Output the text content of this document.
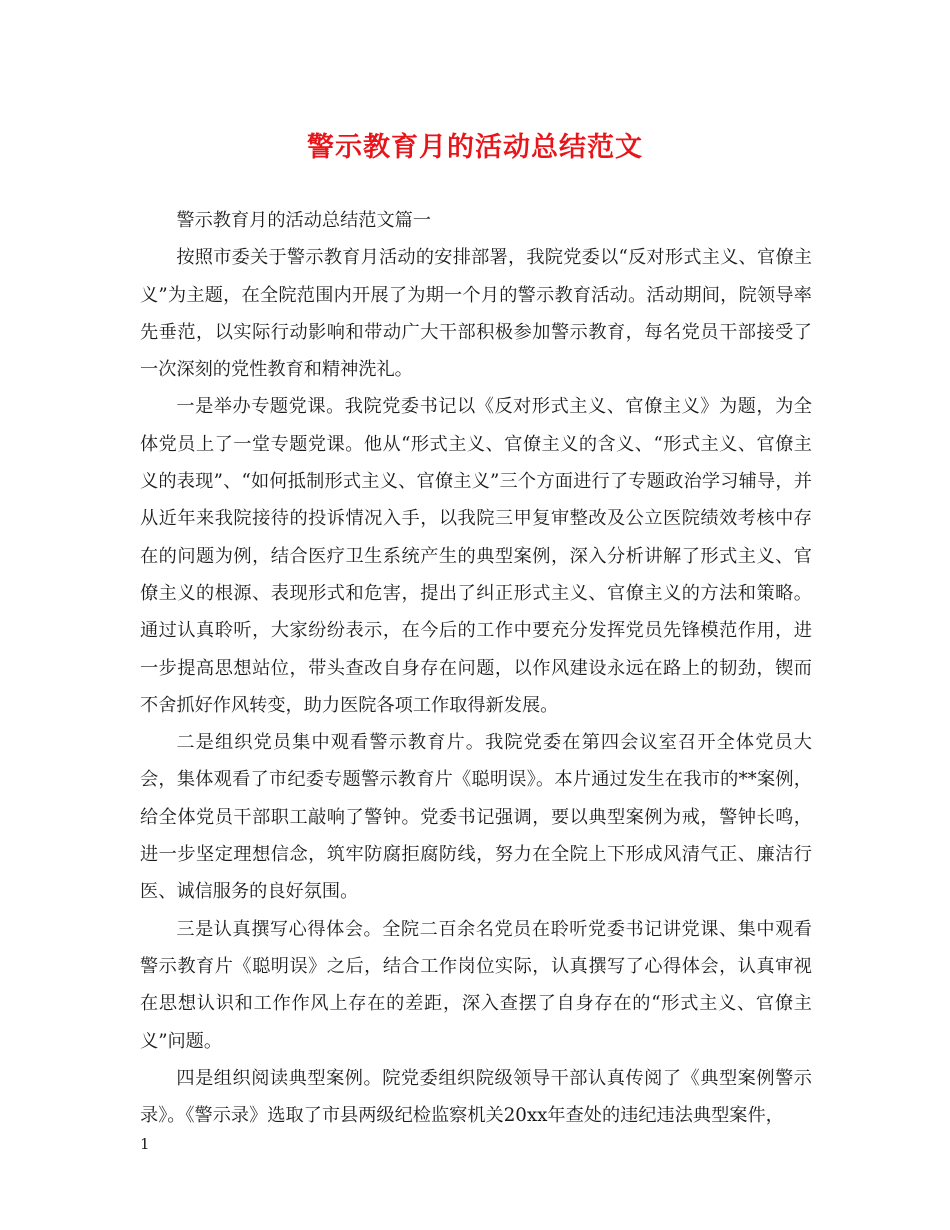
警示教育月的活动总结范文

警示教育月的活动总结范文篇一

按照市委关于警示教育月活动的安排部署，我院党委以“反对形式主义、官僚主义”为主题，在全院范围内开展了为期一个月的警示教育活动。活动期间，院领导率先垂范，以实际行动影响和带动广大干部积极参加警示教育，每名党员干部接受了一次深刻的党性教育和精神洗礼。

一是举办专题党课。我院党委书记以《反对形式主义、官僚主义》为题，为全体党员上了一堂专题党课。他从“形式主义、官僚主义的含义、“形式主义、官僚主义的表现”、“如何抵制形式主义、官僚主义”三个方面进行了专题政治学习辅导，并从近年来我院接待的投诉情况入手，以我院三甲复审整改及公立医院绩效考核中存在的问题为例，结合医疗卫生系统产生的典型案例，深入分析讲解了形式主义、官僚主义的根源、表现形式和危害，提出了纠正形式主义、官僚主义的方法和策略。通过认真聆听，大家纷纷表示，在今后的工作中要充分发挥党员先锋模范作用，进一步提高思想站位，带头查改自身存在问题，以作风建设永远在路上的韧劲，锲而不舍抓好作风转变，助力医院各项工作取得新发展。

二是组织党员集中观看警示教育片。我院党委在第四会议室召开全体党员大会，集体观看了市纪委专题警示教育片《聪明误》。本片通过发生在我市的**案例，给全体党员干部职工敲响了警钟。党委书记强调，要以典型案例为戒，警钟长鸣，进一步坚定理想信念，筑牢防腐拒腐防线，努力在全院上下形成风清气正、廉洁行医、诚信服务的良好氛围。

三是认真撰写心得体会。全院二百余名党员在聆听党委书记讲党课、集中观看警示教育片《聪明误》之后，结合工作岗位实际，认真撰写了心得体会，认真审视在思想认识和工作作风上存在的差距，深入查摆了自身存在的“形式主义、官僚主义”问题。

四是组织阅读典型案例。院党委组织院级领导干部认真传阅了《典型案例警示录》。《警示录》选取了市县两级纪检监察机关20xx年查处的违纪违法典型案件，

1
